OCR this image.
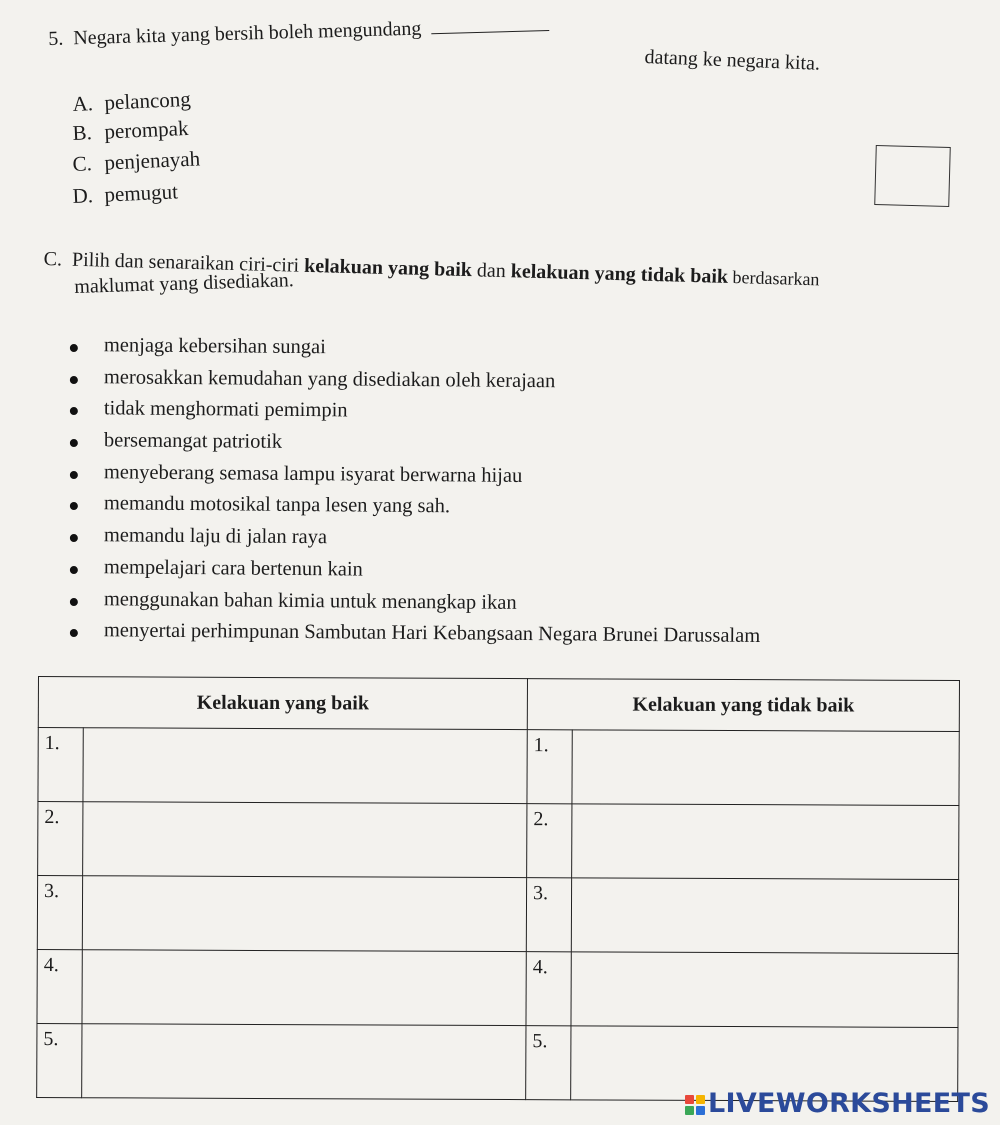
5. Negara kita yang bersih boleh mengundang
datang ke negara kita.
A. pelancong
B. perompak
C. penjenayah
D. pemugut
C. Pilih dan senaraikan ciri-ciri kelakuan yang baik dan kelakuan yang tidak baik berdasarkan
maklumat yang disediakan.
menjaga kebersihan sungai
merosakkan kemudahan yang disediakan oleh kerajaan
tidak menghormati pemimpin
bersemangat patriotik
menyeberang semasa lampu isyarat berwarna hijau
memandu motosikal tanpa lesen yang sah.
memandu laju di jalan raya
mempelajari cara bertenun kain
menggunakan bahan kimia untuk menangkap ikan
menyertai perhimpunan Sambutan Hari Kebangsaan Negara Brunei Darussalam
Kelakuan yang baik		Kelakuan yang tidak baik	
1.		1.	
2.		2.	
3.		3.	
4.		4.	
5.		5.	
LIVEWORKSHEETS
